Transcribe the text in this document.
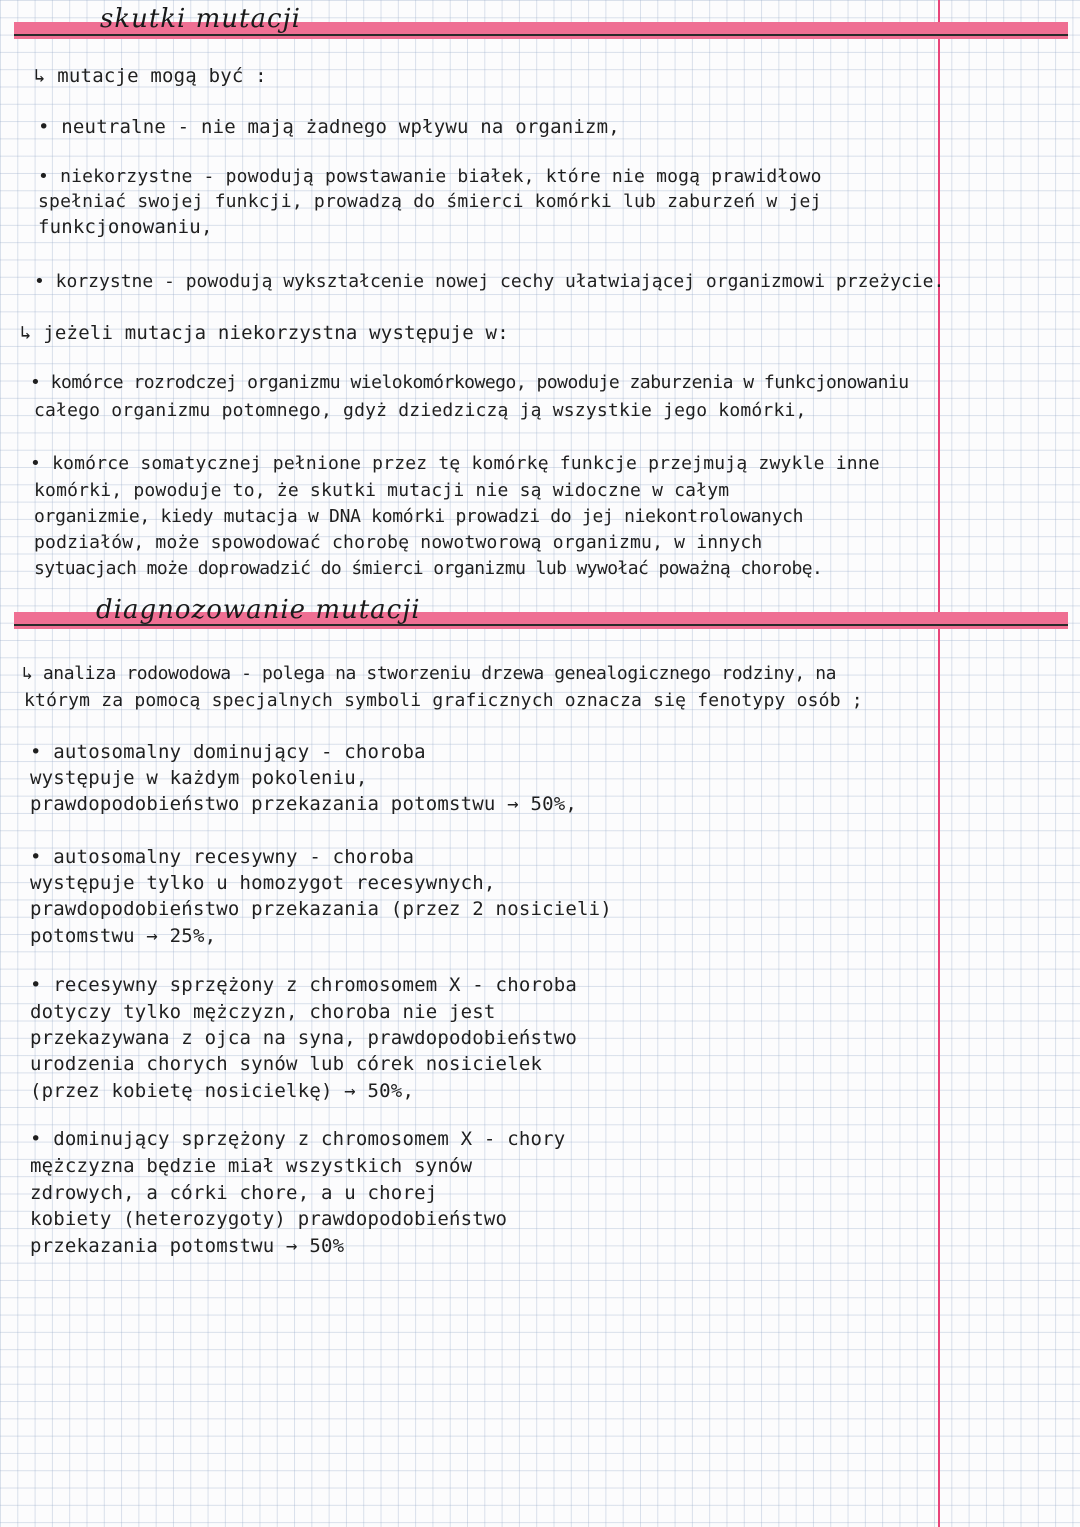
skutki mutacji
↳ mutacje mogą być :
• neutralne - nie mają żadnego wpływu na organizm,
• niekorzystne - powodują powstawanie białek, które nie mogą prawidłowo
spełniać swojej funkcji, prowadzą do śmierci komórki lub zaburzeń w jej
funkcjonowaniu,
• korzystne - powodują wykształcenie nowej cechy ułatwiającej organizmowi przeżycie.
↳ jeżeli mutacja niekorzystna występuje w:
• komórce rozrodczej organizmu wielokomórkowego, powoduje zaburzenia w funkcjonowaniu
całego organizmu potomnego, gdyż dziedziczą ją wszystkie jego komórki,
• komórce somatycznej pełnione przez tę komórkę funkcje przejmują zwykle inne
komórki, powoduje to, że skutki mutacji nie są widoczne w całym
organizmie, kiedy mutacja w DNA komórki prowadzi do jej niekontrolowanych
podziałów, może spowodować chorobę nowotworową organizmu, w innych
sytuacjach może doprowadzić do śmierci organizmu lub wywołać poważną chorobę.
diagnozowanie mutacji
↳ analiza rodowodowa - polega na stworzeniu drzewa genealogicznego rodziny, na
którym za pomocą specjalnych symboli graficznych oznacza się fenotypy osób ;
• autosomalny dominujący - choroba
występuje w każdym pokoleniu,
prawdopodobieństwo przekazania potomstwu → 50%,
• autosomalny recesywny - choroba
występuje tylko u homozygot recesywnych,
prawdopodobieństwo przekazania (przez 2 nosicieli)
potomstwu → 25%,
• recesywny sprzężony z chromosomem X - choroba
dotyczy tylko mężczyzn, choroba nie jest
przekazywana z ojca na syna, prawdopodobieństwo
urodzenia chorych synów lub córek nosicielek
(przez kobietę nosicielkę) → 50%,
• dominujący sprzężony z chromosomem X - chory
mężczyzna będzie miał wszystkich synów
zdrowych, a córki chore, a u chorej
kobiety (heterozygoty) prawdopodobieństwo
przekazania potomstwu → 50%
